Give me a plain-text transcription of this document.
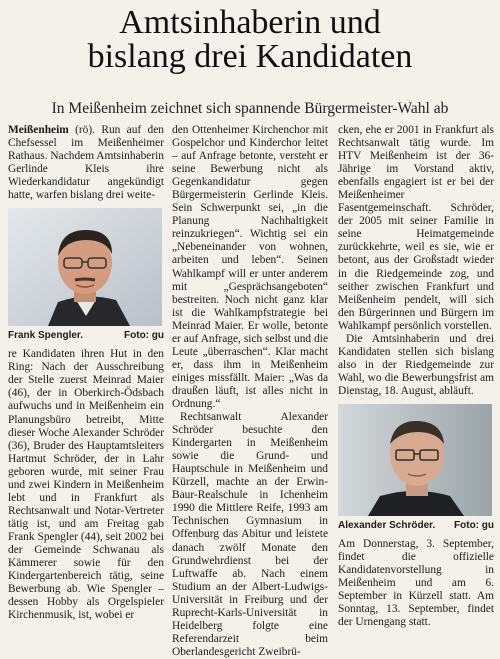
Amtsinhaberin und
bislang drei Kandidaten
In Meißenheim zeichnet sich spannende Bürgermeister-Wahl ab

Meißenheim (rö). Run auf den Chefsessel im Meißenheimer Rathaus. Nachdem Amtsinhaberin Gerlinde Kleis ihre Wiederkandidatur angekündigt hatte, warfen bislang drei weite-

Frank Spengler.	Foto: gu

re Kandidaten ihren Hut in den Ring: Nach der Ausschreibung der Stelle zuerst Meinrad Maier (46), der in Oberkirch-Ödsbach aufwuchs und in Meißenheim ein Planungsbüro betreibt, Mitte dieser Woche Alexander Schröder (36), Bruder des Hauptamtsleiters Hartmut Schröder, der in Lahr geboren wurde, mit seiner Frau und zwei Kindern in Meißenheim lebt und in Frankfurt als Rechtsanwalt und Notar-Vertreter tätig ist, und am Freitag gab Frank Spengler (44), seit 2002 bei der Gemeinde Schwanau als Kämmerer sowie für den Kindergartenbereich tätig, seine Bewerbung ab. Wie Spengler – dessen Hobby als Orgelspieler Kirchenmusik, ist, wobei er

den Ottenheimer Kirchenchor mit Gospelchor und Kinderchor leitet – auf Anfrage betonte, versteht er seine Bewerbung nicht als Gegenkandidatur gegen Bürgermeisterin Gerlinde Kleis. Sein Schwerpunkt sei, „in die Planung Nachhaltigkeit reinzukriegen“. Wichtig sei ein „Nebeneinander von wohnen, arbeiten und leben“. Seinen Wahlkampf will er unter anderem mit „Gesprächsangeboten“ bestreiten. Noch nicht ganz klar ist die Wahlkampfstrategie bei Meinrad Maier. Er wolle, betonte er auf Anfrage, sich selbst und die Leute „überraschen“. Klar macht er, dass ihm in Meißenheim einiges missfällt. Maier: „Was da draußen läuft, ist alles nicht in Ordnung.“

Rechtsanwalt Alexander Schröder besuchte den Kindergarten in Meißenheim sowie die Grund- und Hauptschule in Meißenheim und Kürzell, machte an der Erwin-Baur-Realschule in Ichenheim 1990 die Mittlere Reife, 1993 am Technischen Gymnasium in Offenburg das Abitur und leistete danach zwölf Monate den Grundwehrdienst bei der Luftwaffe ab. Nach einem Studium an der Albert-Ludwigs-Universität in Freiburg und der Ruprecht-Karls-Universität in Heidelberg folgte eine Referendarzeit beim Oberlandesgericht Zweibrü-

cken, ehe er 2001 in Frankfurt als Rechtsanwalt tätig wurde. Im HTV Meißenheim ist der 36-Jährige im Vorstand aktiv, ebenfalls engagiert ist er bei der Meißenheimer Fasentgemeinschaft. Schröder, der 2005 mit seiner Familie in seine Heimatgemeinde zurückkehrte, weil es sie, wie er betont, aus der Großstadt wieder in die Riedgemeinde zog, und seither zwischen Frankfurt und Meißenheim pendelt, will sich den Bürgerinnen und Bürgern im Wahlkampf persönlich vorstellen.

Die Amtsinhaberin und drei Kandidaten stellen sich bislang also in der Riedgemeinde zur Wahl, wo die Bewerbungsfrist am Dienstag, 18. August, abläuft.

Alexander Schröder. Foto: gu

Am Donnerstag, 3. September, findet die offizielle Kandidatenvorstellung in Meißenheim und am 6. September in Kürzell statt. Am Sonntag, 13. September, findet der Urnengang statt.
